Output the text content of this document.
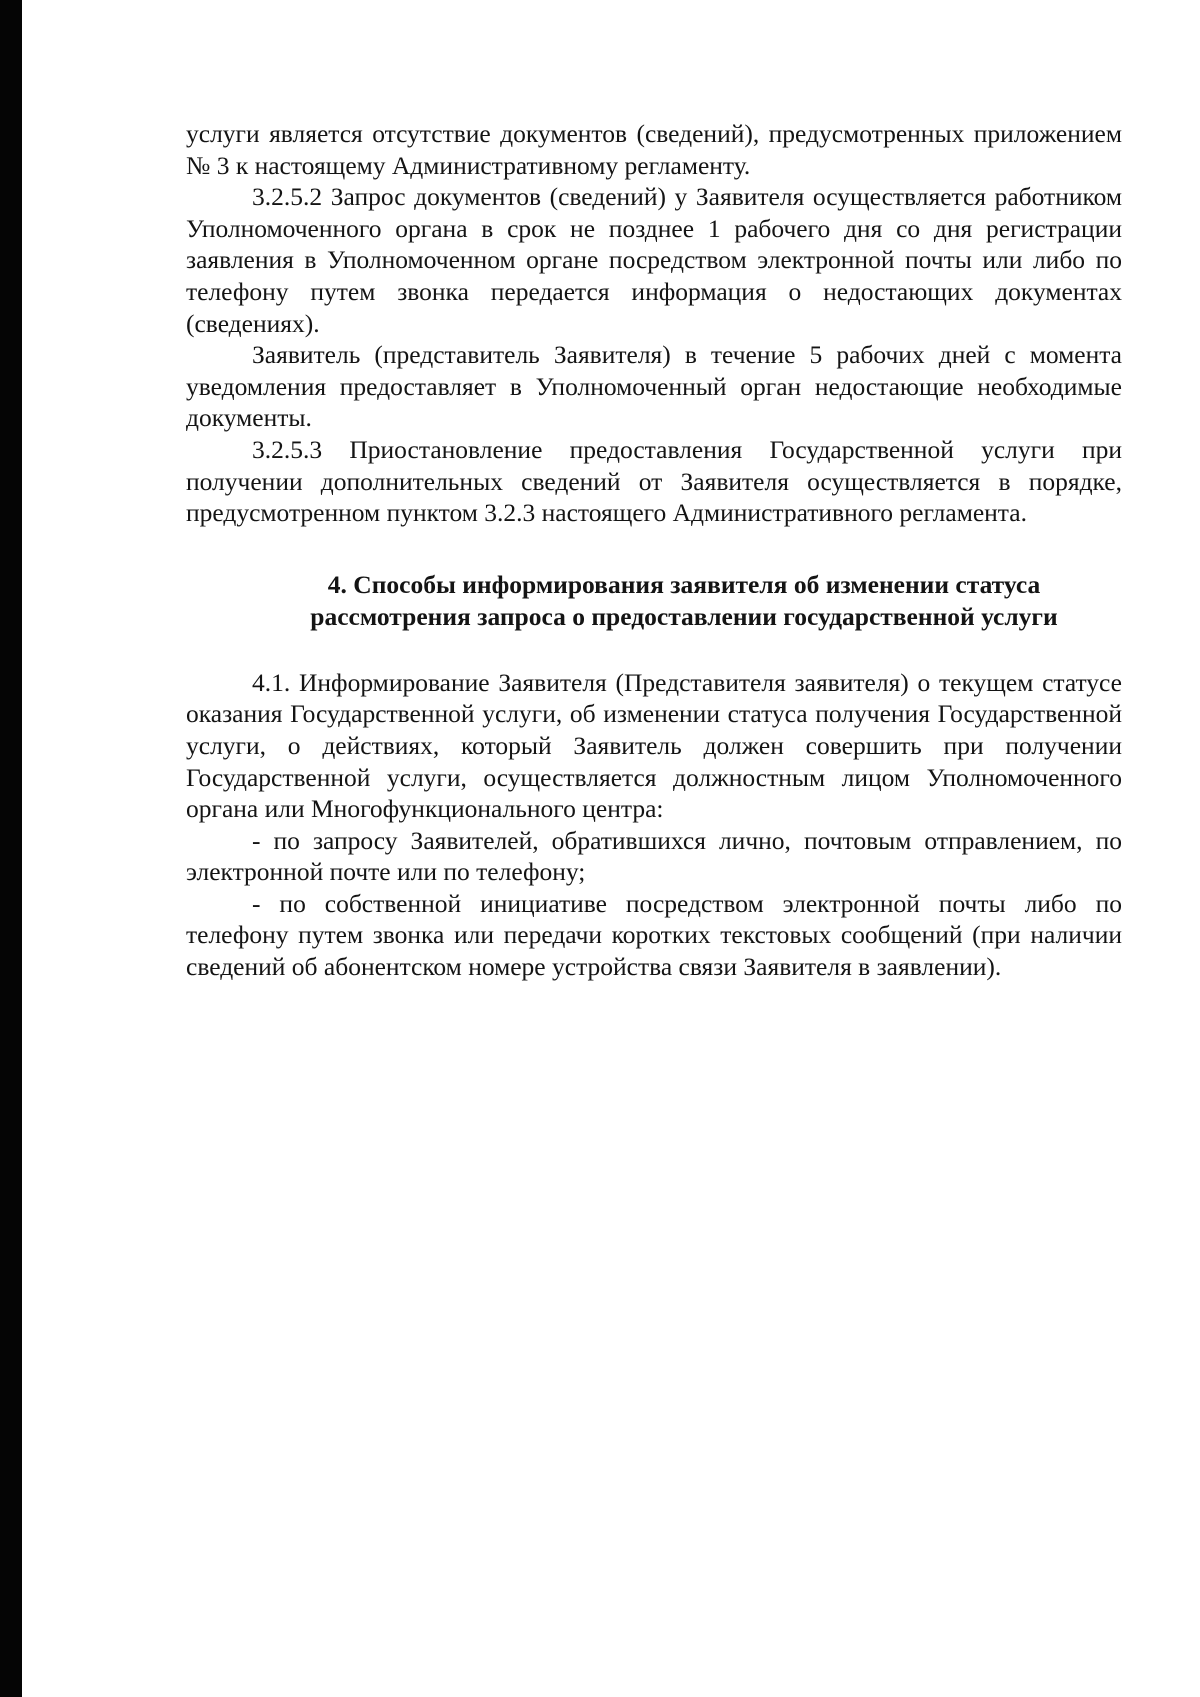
услуги является отсутствие документов (сведений), предусмотренных приложением № 3 к настоящему Административному регламенту.

3.2.5.2 Запрос документов (сведений) у Заявителя осуществляется работником Уполномоченного органа в срок не позднее 1 рабочего дня со дня регистрации заявления в Уполномоченном органе посредством электронной почты или либо по телефону путем звонка передается информация о недостающих документах (сведениях).

Заявитель (представитель Заявителя) в течение 5 рабочих дней с момента уведомления предоставляет в Уполномоченный орган недостающие необходимые документы.

3.2.5.3 Приостановление предоставления Государственной услуги при получении дополнительных сведений от Заявителя осуществляется в порядке, предусмотренном пунктом 3.2.3 настоящего Административного регламента.

4. Способы информирования заявителя об изменении статуса
рассмотрения запроса о предоставлении государственной услуги

4.1. Информирование Заявителя (Представителя заявителя) о текущем статусе оказания Государственной услуги, об изменении статуса получения Государственной услуги, о действиях, который Заявитель должен совершить при получении Государственной услуги, осуществляется должностным лицом Уполномоченного органа или Многофункционального центра:

- по запросу Заявителей, обратившихся лично, почтовым отправлением, по электронной почте или по телефону;

- по собственной инициативе посредством электронной почты либо по телефону путем звонка или передачи коротких текстовых сообщений (при наличии сведений об абонентском номере устройства связи Заявителя в заявлении).
